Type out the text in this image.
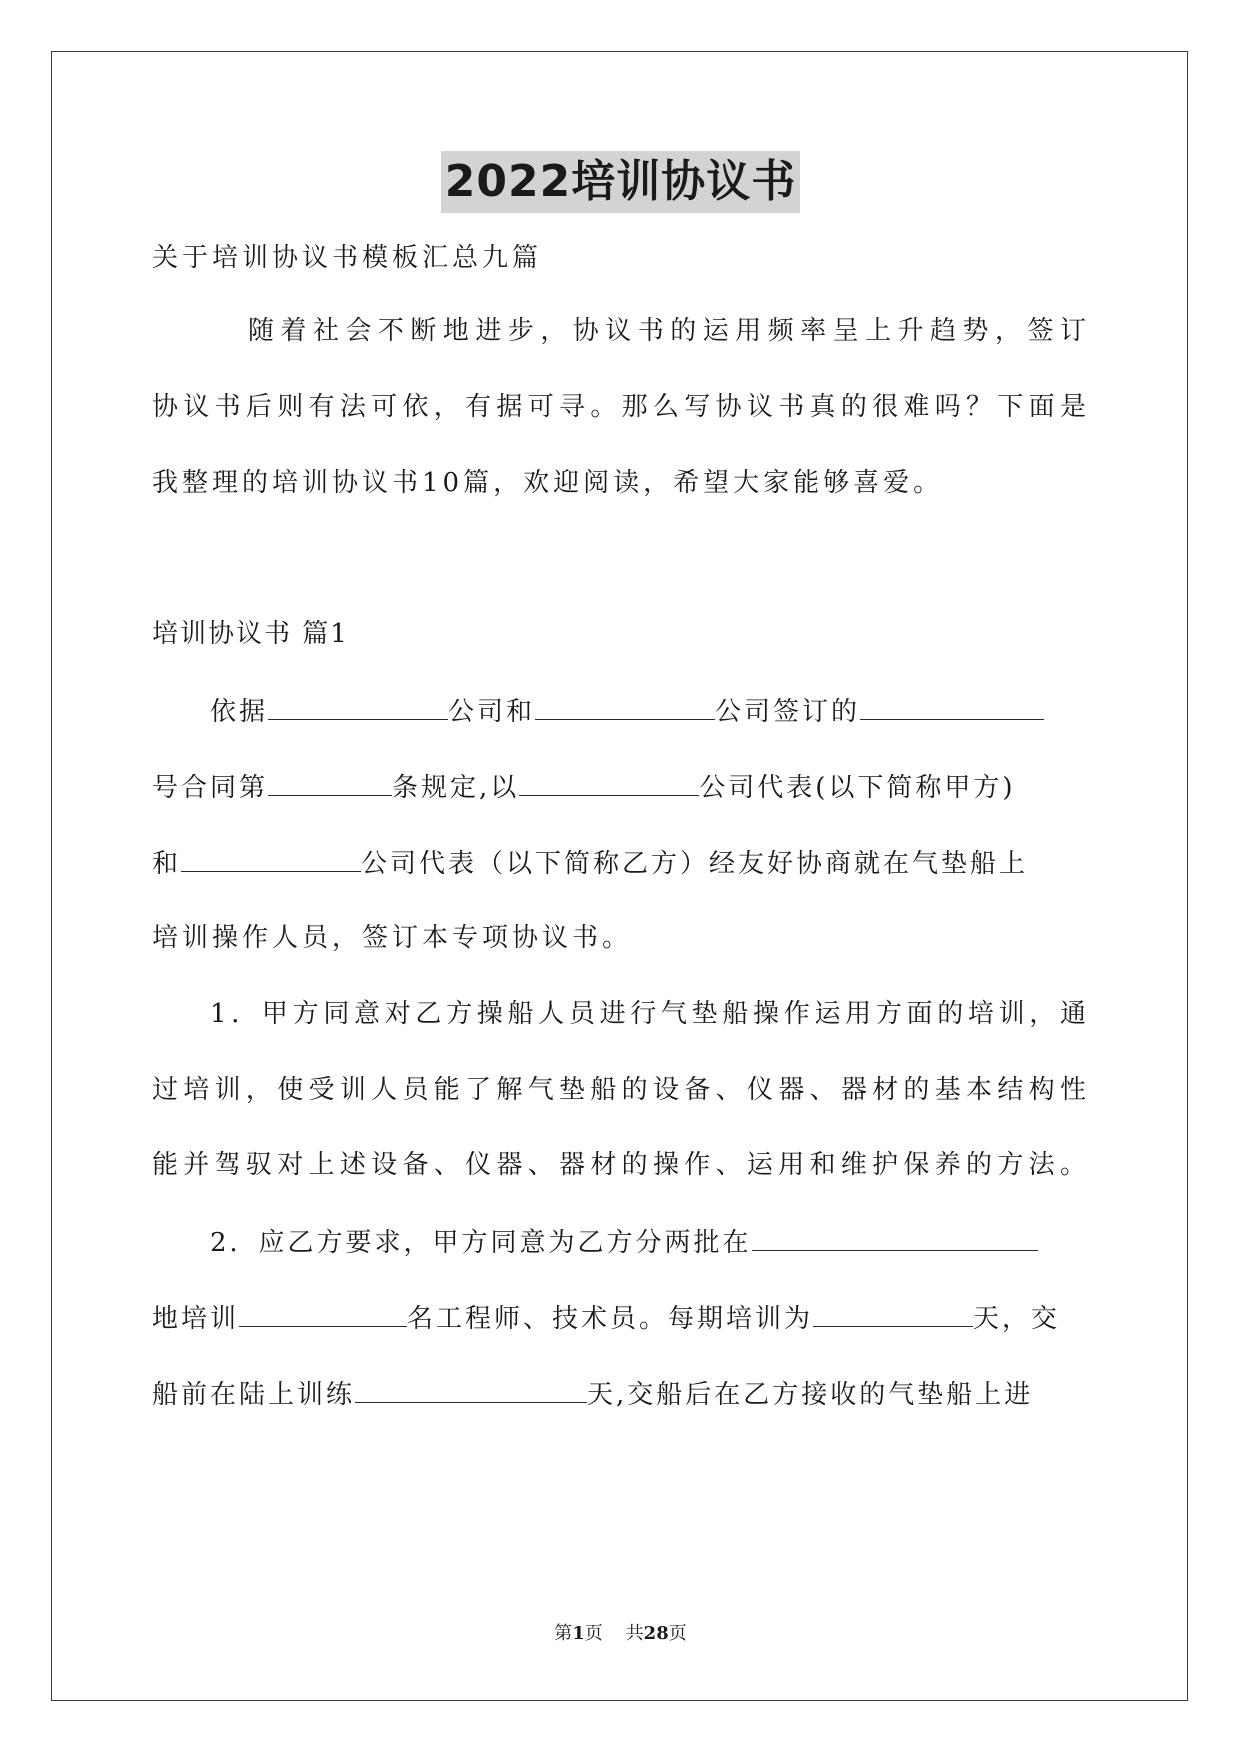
2022培训协议书
关于培训协议书模板汇总九篇
随着社会不断地进步，协议书的运用频率呈上升趋势，签订
协议书后则有法可依，有据可寻。那么写协议书真的很难吗？下面是
我整理的培训协议书10篇，欢迎阅读，希望大家能够喜爱。
培训协议书 篇1
依据	公司和	公司签订的
号合同第	条规定,以	公司代表(以下简称甲方)
和	公司代表（以下简称乙方）经友好协商就在气垫船上
培训操作人员，签订本专项协议书。
1．甲方同意对乙方操船人员进行气垫船操作运用方面的培训，通
过培训，使受训人员能了解气垫船的设备、仪器、器材的基本结构性
能并驾驭对上述设备、仪器、器材的操作、运用和维护保养的方法。
2．应乙方要求，甲方同意为乙方分两批在
地培训	名工程师、技术员。每期培训为	天，交
船前在陆上训练	天,交船后在乙方接收的气垫船上进
第1页 共28页
